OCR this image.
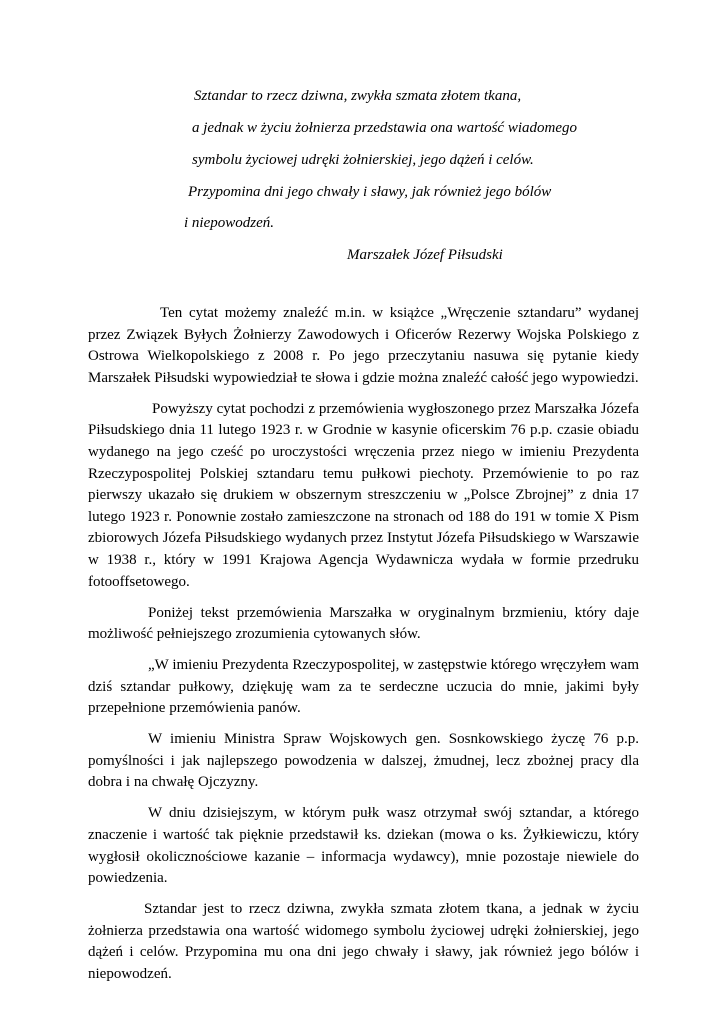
Sztandar to rzecz dziwna, zwykła szmata złotem tkana,
a jednak w życiu żołnierza przedstawia ona wartość wiadomego
symbolu życiowej udręki żołnierskiej, jego dążeń i celów.
Przypomina dni jego chwały i sławy, jak również jego bólów
i niepowodzeń.
Marszałek Józef Piłsudski

Ten cytat możemy znaleźć m.in. w książce „Wręczenie sztandaru” wydanej przez Związek Byłych Żołnierzy Zawodowych i Oficerów Rezerwy Wojska Polskiego z Ostrowa Wielkopolskiego z 2008 r. Po jego przeczytaniu nasuwa się pytanie kiedy Marszałek Piłsudski wypowiedział te słowa i gdzie można znaleźć całość jego wypowiedzi.

Powyższy cytat pochodzi z przemówienia wygłoszonego przez Marszałka Józefa Piłsudskiego dnia 11 lutego 1923 r. w Grodnie w kasynie oficerskim 76 p.p. czasie obiadu wydanego na jego cześć po uroczystości wręczenia przez niego w imieniu Prezydenta Rzeczypospolitej Polskiej sztandaru temu pułkowi piechoty. Przemówienie to po raz pierwszy ukazało się drukiem w obszernym streszczeniu w „Polsce Zbrojnej” z dnia 17 lutego 1923 r. Ponownie zostało zamieszczone na stronach od 188 do 191 w tomie X Pism zbiorowych Józefa Piłsudskiego wydanych przez Instytut Józefa Piłsudskiego w Warszawie w 1938 r., który w 1991 Krajowa Agencja Wydawnicza wydała w formie przedruku fotooffsetowego.

Poniżej tekst przemówienia Marszałka w oryginalnym brzmieniu, który daje możliwość pełniejszego zrozumienia cytowanych słów.

„W imieniu Prezydenta Rzeczypospolitej, w zastępstwie którego wręczyłem wam dziś sztandar pułkowy, dziękuję wam za te serdeczne uczucia do mnie, jakimi były przepełnione przemówienia panów.

W imieniu Ministra Spraw Wojskowych gen. Sosnkowskiego życzę 76 p.p. pomyślności i jak najlepszego powodzenia w dalszej, żmudnej, lecz zbożnej pracy dla dobra i na chwałę Ojczyzny.

W dniu dzisiejszym, w którym pułk wasz otrzymał swój sztandar, a którego znaczenie i wartość tak pięknie przedstawił ks. dziekan (mowa o ks. Żyłkiewiczu, który wygłosił okolicznościowe kazanie – informacja wydawcy), mnie pozostaje niewiele do powiedzenia.

Sztandar jest to rzecz dziwna, zwykła szmata złotem tkana, a jednak w życiu żołnierza przedstawia ona wartość widomego symbolu życiowej udręki żołnierskiej, jego dążeń i celów. Przypomina mu ona dni jego chwały i sławy, jak również jego bólów i niepowodzeń.
